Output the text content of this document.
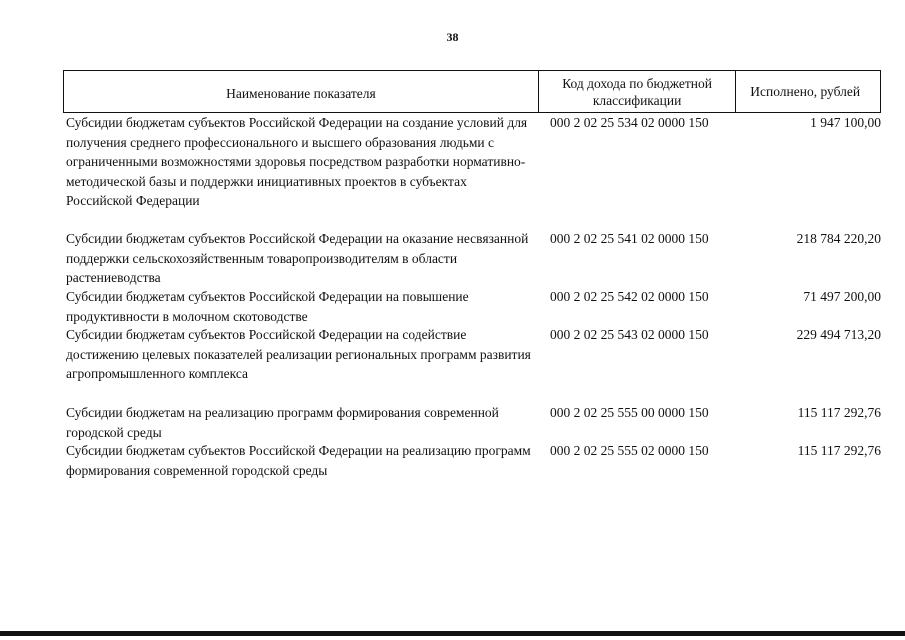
38
Наименование показателя
Код дохода по бюджетной классификации
Исполнено, рублей
Субсидии бюджетам субъектов Российской Федерации на создание условий для получения среднего профессионального и высшего образования людьми с ограниченными возможностями здоровья посредством разработки нормативно-методической базы и поддержки инициативных проектов в субъектах Российской Федерации
000 2 02 25 534 02 0000 150	1 947 100,00
Субсидии бюджетам субъектов Российской Федерации на оказание несвязанной поддержки сельскохозяйственным товаропроизводителям в области растениеводства
000 2 02 25 541 02 0000 150	218 784 220,20
Субсидии бюджетам субъектов Российской Федерации на повышение продуктивности в молочном скотоводстве
000 2 02 25 542 02 0000 150	71 497 200,00
Субсидии бюджетам субъектов Российской Федерации на содействие достижению целевых показателей реализации региональных программ развития агропромышленного комплекса
000 2 02 25 543 02 0000 150	229 494 713,20
Субсидии бюджетам на реализацию программ формирования современной городской среды
000 2 02 25 555 00 0000 150	115 117 292,76
Субсидии бюджетам субъектов Российской Федерации на реализацию программ формирования современной городской среды
000 2 02 25 555 02 0000 150	115 117 292,76
